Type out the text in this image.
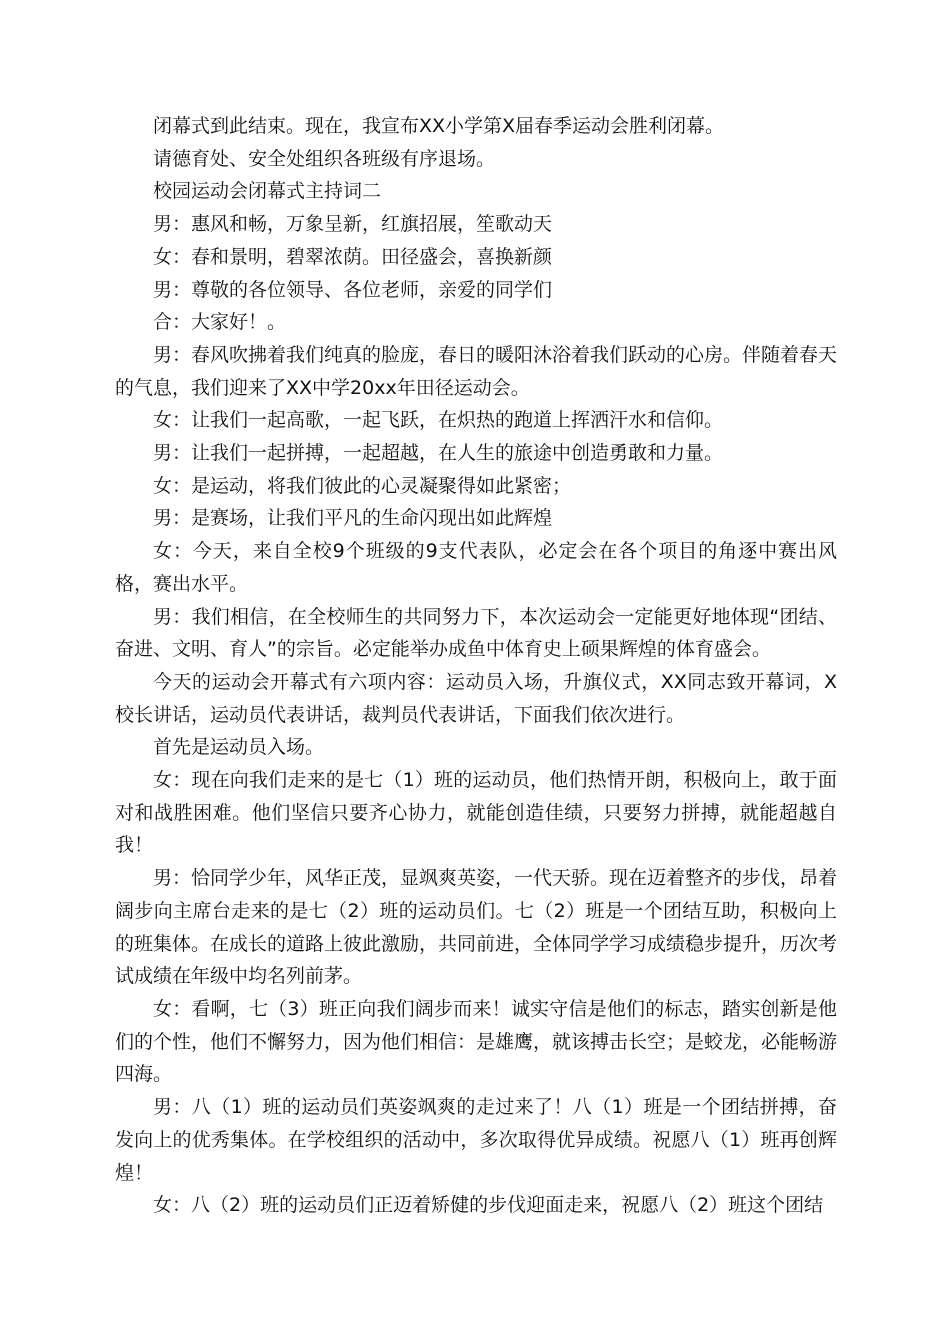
闭幕式到此结束。现在，我宣布XX小学第X届春季运动会胜利闭幕。

请德育处、安全处组织各班级有序退场。

校园运动会闭幕式主持词二

男：惠风和畅，万象呈新，红旗招展，笙歌动天

女：春和景明，碧翠浓荫。田径盛会，喜换新颜

男：尊敬的各位领导、各位老师，亲爱的同学们

合：大家好！。

男：春风吹拂着我们纯真的脸庞，春日的暖阳沐浴着我们跃动的心房。伴随着春天的气息，我们迎来了XX中学20xx年田径运动会。

女：让我们一起高歌，一起飞跃，在炽热的跑道上挥洒汗水和信仰。

男：让我们一起拼搏，一起超越，在人生的旅途中创造勇敢和力量。

女：是运动，将我们彼此的心灵凝聚得如此紧密；

男：是赛场，让我们平凡的生命闪现出如此辉煌

女：今天，来自全校9个班级的9支代表队，必定会在各个项目的角逐中赛出风格，赛出水平。

男：我们相信，在全校师生的共同努力下，本次运动会一定能更好地体现“团结、奋进、文明、育人”的宗旨。必定能举办成鱼中体育史上硕果辉煌的体育盛会。

今天的运动会开幕式有六项内容：运动员入场，升旗仪式，XX同志致开幕词，X校长讲话，运动员代表讲话，裁判员代表讲话，下面我们依次进行。

首先是运动员入场。

女：现在向我们走来的是七（1）班的运动员，他们热情开朗，积极向上，敢于面对和战胜困难。他们坚信只要齐心协力，就能创造佳绩，只要努力拼搏，就能超越自我！

男：恰同学少年，风华正茂，显飒爽英姿，一代天骄。现在迈着整齐的步伐，昂着阔步向主席台走来的是七（2）班的运动员们。七（2）班是一个团结互助，积极向上的班集体。在成长的道路上彼此激励，共同前进，全体同学学习成绩稳步提升，历次考试成绩在年级中均名列前茅。

女：看啊，七（3）班正向我们阔步而来！诚实守信是他们的标志，踏实创新是他们的个性，他们不懈努力，因为他们相信：是雄鹰，就该搏击长空；是蛟龙，必能畅游四海。

男：八（1）班的运动员们英姿飒爽的走过来了！八（1）班是一个团结拼搏，奋发向上的优秀集体。在学校组织的活动中，多次取得优异成绩。祝愿八（1）班再创辉煌！

女：八（2）班的运动员们正迈着矫健的步伐迎面走来，祝愿八（2）班这个团结
